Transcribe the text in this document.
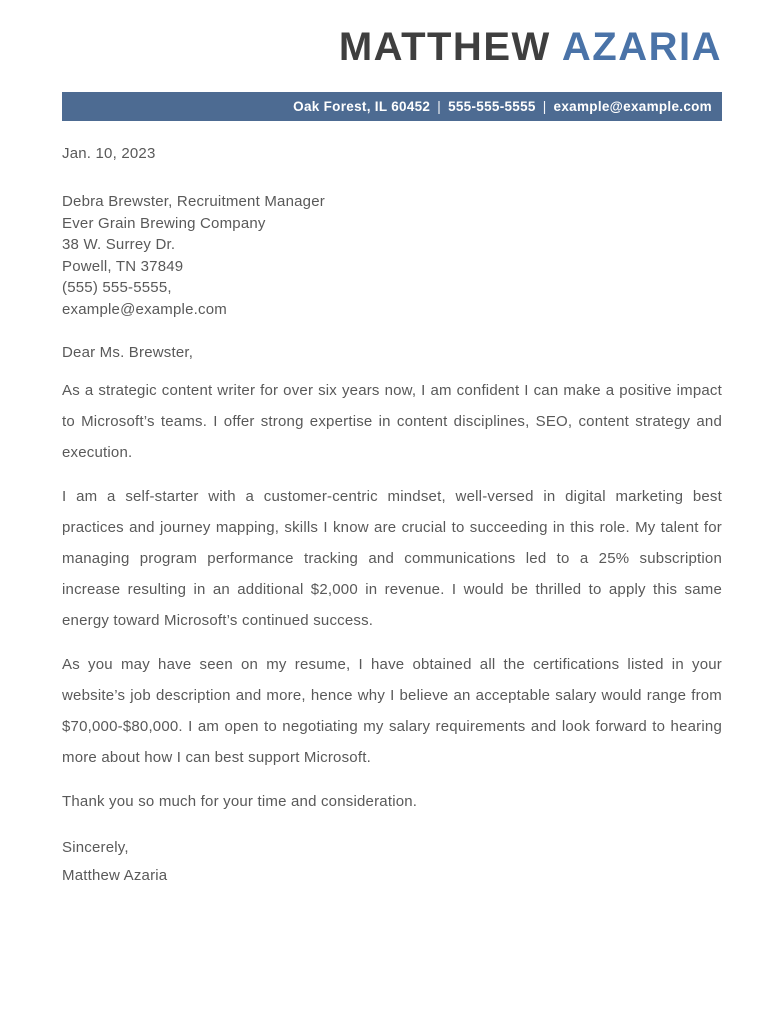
MATTHEW AZARIA
Oak Forest, IL 60452 | 555-555-5555 | example@example.com
Jan. 10, 2023
Debra Brewster, Recruitment Manager
Ever Grain Brewing Company
38 W. Surrey Dr.
Powell, TN 37849
(555) 555-5555,
example@example.com
Dear Ms. Brewster,
As a strategic content writer for over six years now, I am confident I can make a positive impact to Microsoft’s teams. I offer strong expertise in content disciplines, SEO, content strategy and execution.
I am a self-starter with a customer-centric mindset, well-versed in digital marketing best practices and journey mapping, skills I know are crucial to succeeding in this role. My talent for managing program performance tracking and communications led to a 25% subscription increase resulting in an additional $2,000 in revenue. I would be thrilled to apply this same energy toward Microsoft’s continued success.
As you may have seen on my resume, I have obtained all the certifications listed in your website’s job description and more, hence why I believe an acceptable salary would range from $70,000-$80,000. I am open to negotiating my salary requirements and look forward to hearing more about how I can best support Microsoft.
Thank you so much for your time and consideration.
Sincerely,
Matthew Azaria
